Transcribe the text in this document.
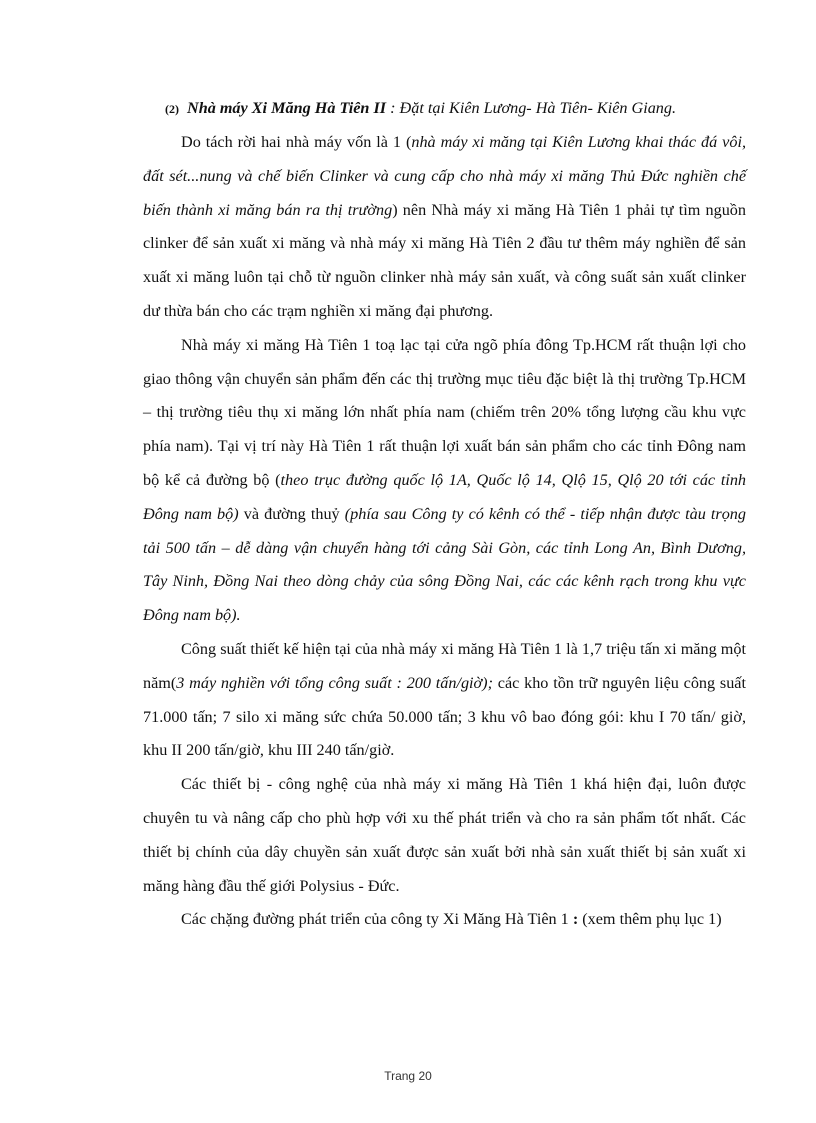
(2) Nhà máy Xi Măng Hà Tiên II : Đặt tại Kiên Lương- Hà Tiên- Kiên Giang.

Do tách rời hai nhà máy vốn là 1 (nhà máy xi măng tại Kiên Lương khai thác đá vôi, đất sét...nung và chế biến Clinker và cung cấp cho nhà máy xi măng Thủ Đức nghiền chế biến thành xi măng bán ra thị trường) nên Nhà máy xi măng Hà Tiên 1 phải tự tìm nguồn clinker để sản xuất xi măng và nhà máy xi măng Hà Tiên 2 đầu tư thêm máy nghiền để sản xuất xi măng luôn tại chỗ từ nguồn clinker nhà máy sản xuất, và công suất sản xuất clinker dư thừa bán cho các trạm nghiền xi măng đại phương.

Nhà máy xi măng Hà Tiên 1 toạ lạc tại cửa ngõ phía đông Tp.HCM rất thuận lợi cho giao thông vận chuyển sản phẩm đến các thị trường mục tiêu đặc biệt là thị trường Tp.HCM – thị trường tiêu thụ xi măng lớn nhất phía nam (chiếm trên 20% tổng lượng cầu khu vực phía nam). Tại vị trí này Hà Tiên 1 rất thuận lợi xuất bán sản phẩm cho các tỉnh Đông nam bộ kể cả đường bộ (theo trục đường quốc lộ 1A, Quốc lộ 14, Qlộ 15, Qlộ 20 tới các tỉnh Đông nam bộ) và đường thuỷ (phía sau Công ty có kênh có thể - tiếp nhận được tàu trọng tải 500 tấn – dễ dàng vận chuyển hàng tới cảng Sài Gòn, các tỉnh Long An, Bình Dương, Tây Ninh, Đồng Nai theo dòng chảy của sông Đồng Nai, các các kênh rạch trong khu vực Đông nam bộ).

Công suất thiết kế hiện tại của nhà máy xi măng Hà Tiên 1 là 1,7 triệu tấn xi măng một năm(3 máy nghiền với tổng công suất : 200 tấn/giờ); các kho tồn trữ nguyên liệu công suất 71.000 tấn; 7 silo xi măng sức chứa 50.000 tấn; 3 khu vô bao đóng gói: khu I 70 tấn/ giờ, khu II 200 tấn/giờ, khu III 240 tấn/giờ.

Các thiết bị - công nghệ của nhà máy xi măng Hà Tiên 1 khá hiện đại, luôn được chuyên tu và nâng cấp cho phù hợp với xu thế phát triển và cho ra sản phẩm tốt nhất. Các thiết bị chính của dây chuyền sản xuất được sản xuất bởi nhà sản xuất thiết bị sản xuất xi măng hàng đầu thế giới Polysius - Đức.

Các chặng đường phát triển của công ty Xi Măng Hà Tiên 1 : (xem thêm phụ lục 1)

Trang 20
